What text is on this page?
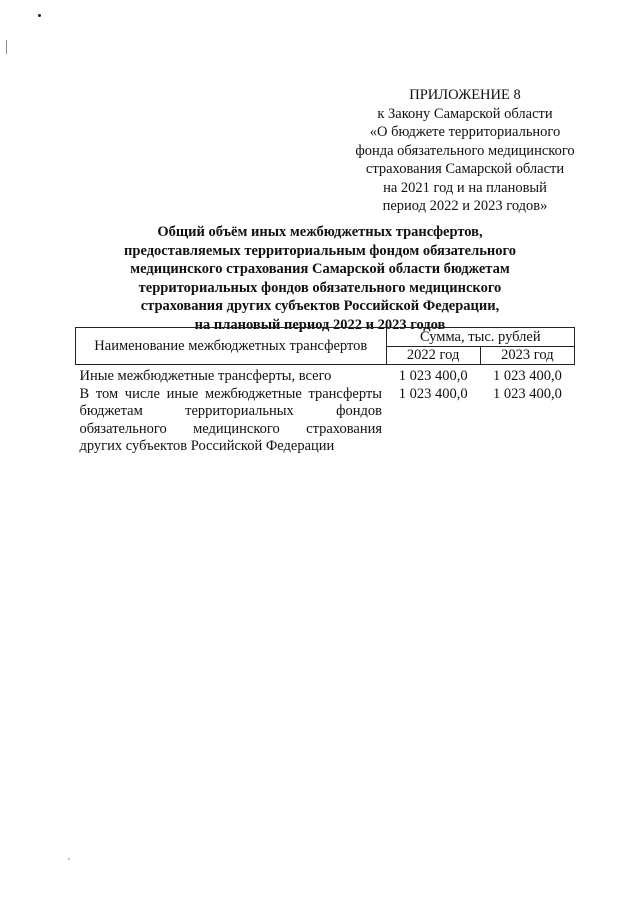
ПРИЛОЖЕНИЕ 8
к Закону Самарской области
«О бюджете территориального
фонда обязательного медицинского
страхования Самарской области
на 2021 год и на плановый
период 2022 и 2023 годов»
Общий объём иных межбюджетных трансфертов,
предоставляемых территориальным фондом обязательного
медицинского страхования Самарской области бюджетам
территориальных фондов обязательного медицинского
страхования других субъектов Российской Федерации,
на плановый период 2022 и 2023 годов
Наименование межбюджетных трансфертов	Сумма, тыс. рублей	
	2022 год	2023 год
Иные межбюджетные трансферты, всего	1 023 400,0	1 023 400,0
В том числе иные межбюджетные трансферты бюджетам территориальных фондов обязательного медицинского страхования других субъектов Российской Федерации	1 023 400,0	1 023 400,0
